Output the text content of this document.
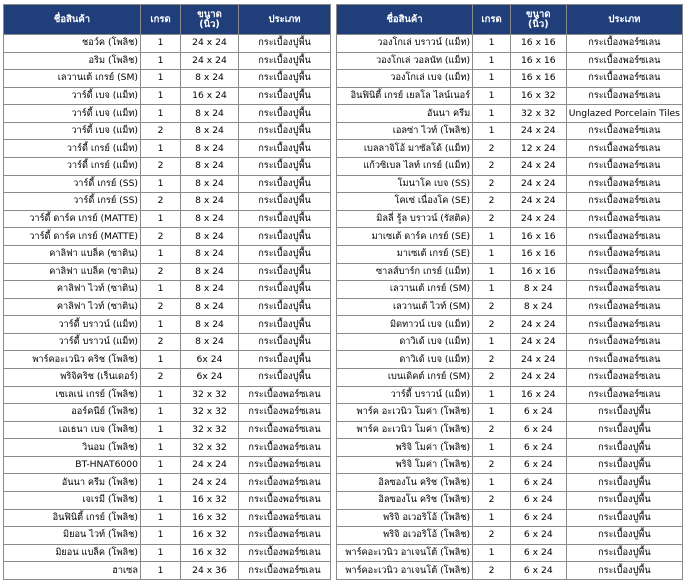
ชื่อสินค้า	เกรด	ขนาด
(นิ้ว)	ประเภท
ชอว์ค (โพลิช)	1	24 x 24	กระเบื้องปูพื้น
อริม (โพลิช)	1	24 x 24	กระเบื้องปูพื้น
เลวานเต้ เกรย์ (SM)	1	8 x 24	กระเบื้องปูพื้น
วาร์ดี้ เบจ (แม็ท)	1	16 x 24	กระเบื้องปูพื้น
วาร์ดี้ เบจ (แม็ท)	1	8 x 24	กระเบื้องปูพื้น
วาร์ดี้ เบจ (แม็ท)	2	8 x 24	กระเบื้องปูพื้น
วาร์ดี้ เกรย์ (แม็ท)	1	8 x 24	กระเบื้องปูพื้น
วาร์ดี้ เกรย์ (แม็ท)	2	8 x 24	กระเบื้องปูพื้น
วาร์ดี้ เกรย์ (SS)	1	8 x 24	กระเบื้องปูพื้น
วาร์ดี้ เกรย์ (SS)	2	8 x 24	กระเบื้องปูพื้น
วาร์ดี้ ดาร์ค เกรย์ (MATTE)	1	8 x 24	กระเบื้องปูพื้น
วาร์ดี้ ดาร์ค เกรย์ (MATTE)	2	8 x 24	กระเบื้องปูพื้น
คาลิฟา แบล็ค (ซาติน)	1	8 x 24	กระเบื้องปูพื้น
คาลิฟา แบล็ค (ซาติน)	2	8 x 24	กระเบื้องปูพื้น
คาลิฟา ไวท์ (ซาติน)	1	8 x 24	กระเบื้องปูพื้น
คาลิฟา ไวท์ (ซาติน)	2	8 x 24	กระเบื้องปูพื้น
วาร์ดี้ บราวน์ (แม็ท)	1	8 x 24	กระเบื้องปูพื้น
วาร์ดี้ บราวน์ (แม็ท)	2	8 x 24	กระเบื้องปูพื้น
พาร์คอะเวนิว คริช (โพลิช)	1	6x 24	กระเบื้องปูพื้น
พริจิคริช (เร็นเดอร์)	2	6x 24	กระเบื้องปูพื้น
เซเลเน่ เกรย์ (โพลิช)	1	32 x 32	กระเบื้องพอร์ซเลน
ออร์คนีย์ (โพลิช)	1	32 x 32	กระเบื้องพอร์ซเลน
เอเธนา เบจ (โพลิช)	1	32 x 32	กระเบื้องพอร์ซเลน
วินอม (โพลิช)	1	32 x 32	กระเบื้องพอร์ซเลน
BT-HNAT6000	1	24 x 24	กระเบื้องพอร์ซเลน
อันนา ครีม (โพลิช)	1	24 x 24	กระเบื้องพอร์ซเลน
เจเรมี (โพลิช)	1	16 x 32	กระเบื้องพอร์ซเลน
อินฟินิตี้ เกรย์ (โพลิช)	1	16 x 32	กระเบื้องพอร์ซเลน
มิยอน ไวท์ (โพลิช)	1	16 x 32	กระเบื้องพอร์ซเลน
มิยอน แบล็ค (โพลิช)	1	16 x 32	กระเบื้องพอร์ซเลน
ฮาเซล	1	24 x 36	กระเบื้องพอร์ซเลน
ชื่อสินค้า	เกรด	ขนาด
(นิ้ว)	ประเภท
วองโกเล่ บราวน์ (แม็ท)	1	16 x 16	กระเบื้องพอร์ซเลน
วองโกเล่ วอลนัท (แม็ท)	1	16 x 16	กระเบื้องพอร์ซเลน
วองโกเล่ เบจ (แม็ท)	1	16 x 16	กระเบื้องพอร์ซเลน
อินฟินิตี้ เกรย์ เยลโล ไลน์เนอร์	1	16 x 32	กระเบื้องพอร์ซเลน
อันนา ครีม	1	32 x 32	Unglazed Porcelain Tiles
เอลซ่า ไวท์ (โพลิช)	1	24 x 24	กระเบื้องพอร์ซเลน
เบลลาจิโอ้ มาซัลโด้ (แม็ท)	2	12 x 24	กระเบื้องพอร์ซเลน
แก้วซิเบล ไลท์ เกรย์ (แม็ท)	2	24 x 24	กระเบื้องพอร์ซเลน
โมนาโค เบจ (SS)	2	24 x 24	กระเบื้องพอร์ซเลน
โคเซ่ เนื่องโค (SE)	2	24 x 24	กระเบื้องพอร์ซเลน
มิลลี่ รู้ล บราวน์ (รัสติค)	2	24 x 24	กระเบื้องพอร์ซเลน
มาเซเต้ ดาร์ค เกรย์ (SE)	1	16 x 16	กระเบื้องพอร์ซเลน
มาเซเต้ เกรย์ (SE)	1	16 x 16	กระเบื้องพอร์ซเลน
ซาลส์บาร์ก เกรย์ (แม็ท)	1	16 x 16	กระเบื้องพอร์ซเลน
เลวานเต้ เกรย์ (SM)	1	8 x 24	กระเบื้องพอร์ซเลน
เลวานเต้ ไวท์ (SM)	2	8 x 24	กระเบื้องพอร์ซเลน
มิดทาวน์ เบจ (แม็ท)	2	24 x 24	กระเบื้องพอร์ซเลน
ดาวิเด้ เบจ (แม็ท)	1	24 x 24	กระเบื้องพอร์ซเลน
ดาวิเด้ เบจ (แม็ท)	2	24 x 24	กระเบื้องพอร์ซเลน
เบนเดิคต์ เกรย์ (SM)	2	24 x 24	กระเบื้องพอร์ซเลน
วาร์ดี้ บราวน์ (แม็ท)	1	16 x 24	กระเบื้องพอร์ซเลน
พาร์ค อะเวนิว โมค่า (โพลิช)	1	6 x 24	กระเบื้องปูพื้น
พาร์ค อะเวนิว โมค่า (โพลิช)	2	6 x 24	กระเบื้องปูพื้น
พริจิ โมค่า (โพลิช)	1	6 x 24	กระเบื้องปูพื้น
พริจิ โมค่า (โพลิช)	2	6 x 24	กระเบื้องปูพื้น
อิลซองโน คริช (โพลิช)	1	6 x 24	กระเบื้องปูพื้น
อิลซองโน คริช (โพลิช)	2	6 x 24	กระเบื้องปูพื้น
พริจิ อเวอริโอ้ (โพลิช)	1	6 x 24	กระเบื้องปูพื้น
พริจิ อเวอริโอ้ (โพลิช)	2	6 x 24	กระเบื้องปูพื้น
พาร์คอะเวนิว อาเจนโต้ (โพลิช)	1	6 x 24	กระเบื้องปูพื้น
พาร์คอะเวนิว อาเจนโต้ (โพลิช)	2	6 x 24	กระเบื้องปูพื้น
